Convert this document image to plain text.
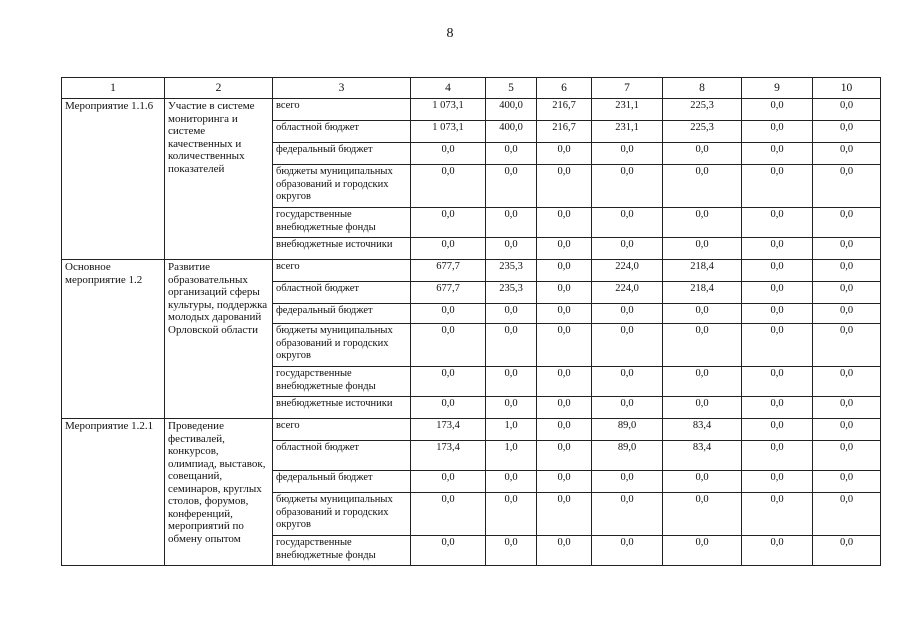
8
1	2	3	4	5	6	7	8	9	10
Мероприятие 1.1.6	Участие в системе мониторинга и системе качественных и количественных показателей	всего	1 073,1	400,0	216,7	231,1	225,3	0,0	0,0
		областной бюджет	1 073,1	400,0	216,7	231,1	225,3	0,0	0,0
		федеральный бюджет	0,0	0,0	0,0	0,0	0,0	0,0	0,0
		бюджеты муниципальных образований и городских округов	0,0	0,0	0,0	0,0	0,0	0,0	0,0
		государственные внебюджетные фонды	0,0	0,0	0,0	0,0	0,0	0,0	0,0
		внебюджетные источники	0,0	0,0	0,0	0,0	0,0	0,0	0,0
Основное мероприятие 1.2	Развитие образовательных организаций сферы культуры, поддержка молодых дарований Орловской области	всего	677,7	235,3	0,0	224,0	218,4	0,0	0,0
		областной бюджет	677,7	235,3	0,0	224,0	218,4	0,0	0,0
		федеральный бюджет	0,0	0,0	0,0	0,0	0,0	0,0	0,0
		бюджеты муниципальных образований и городских округов	0,0	0,0	0,0	0,0	0,0	0,0	0,0
		государственные внебюджетные фонды	0,0	0,0	0,0	0,0	0,0	0,0	0,0
		внебюджетные источники	0,0	0,0	0,0	0,0	0,0	0,0	0,0
Мероприятие 1.2.1	Проведение фестивалей, конкурсов, олимпиад, выставок, совещаний, семинаров, круглых столов, форумов, конференций, мероприятий по обмену опытом	всего	173,4	1,0	0,0	89,0	83,4	0,0	0,0
		областной бюджет	173,4	1,0	0,0	89,0	83,4	0,0	0,0
		федеральный бюджет	0,0	0,0	0,0	0,0	0,0	0,0	0,0
		бюджеты муниципальных образований и городских округов	0,0	0,0	0,0	0,0	0,0	0,0	0,0
		государственные внебюджетные фонды	0,0	0,0	0,0	0,0	0,0	0,0	0,0
